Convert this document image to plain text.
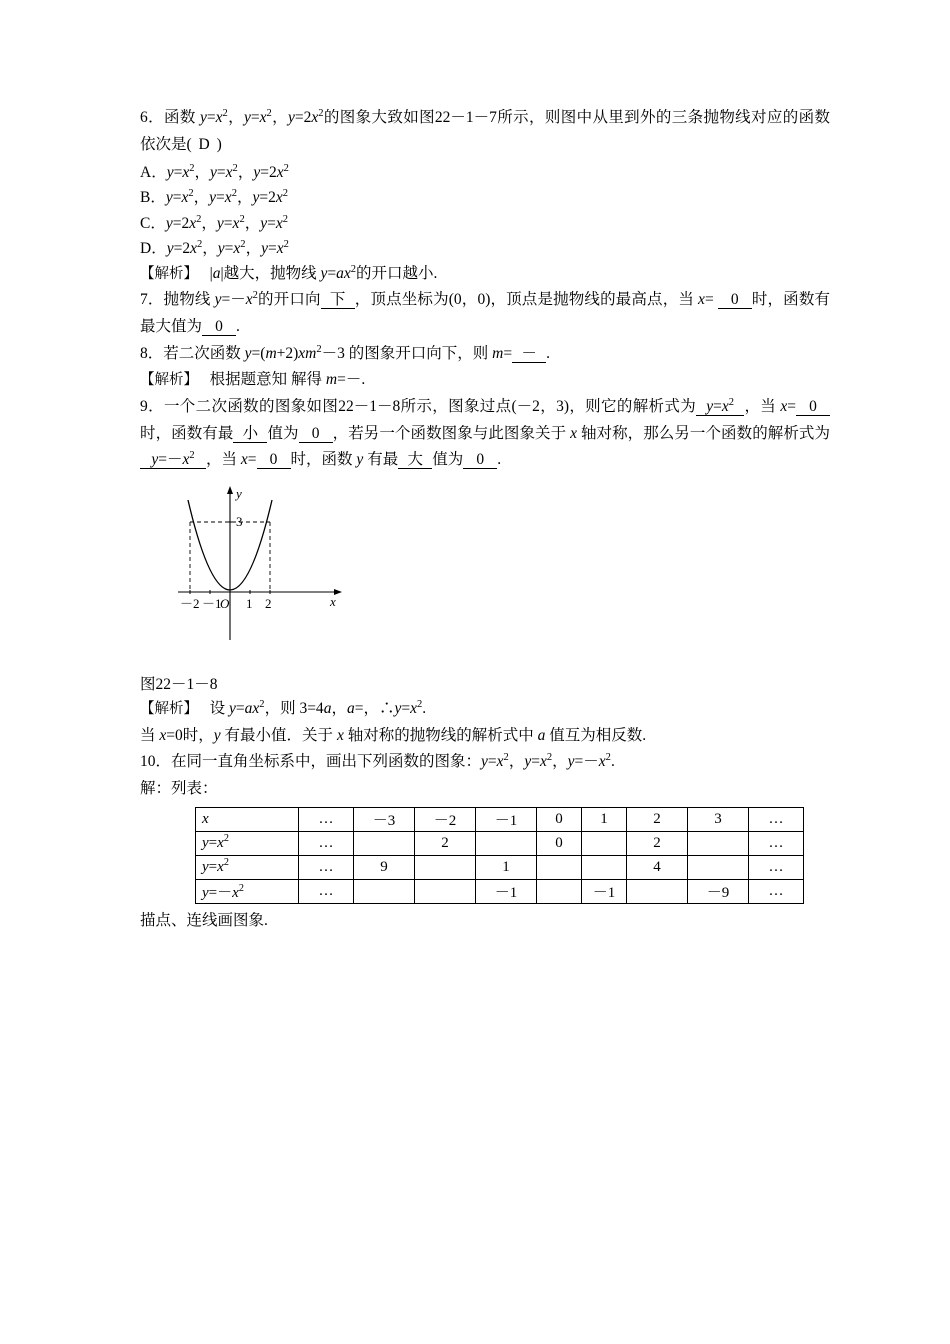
6．函数 $y=x^2$，$y=x^2$，$y=2x^2$的图象大致如图22－1－7所示，则图中从里到外的三条抛物线对应的函数依次是( D )
A．$y=x^2$，$y=x^2$，$y=2x^2$
B．$y=x^2$，$y=x^2$，$y=2x^2$
C．$y=2x^2$，$y=x^2$，$y=x^2$
D．$y=2x^2$，$y=x^2$，$y=x^2$
【解析】   |a|越大，抛物线 $y=ax^2$的开口越小.
7．抛物线 $y=-x^2$的开口向 下 ，顶点坐标为(0，0)，顶点是抛物线的最高点，当 x= 0 时，函数有最大值为 0 .
8．若二次函数 $y=(m+2)xm^2-3$ 的图象开口向下，则 m= － .
【解析】   根据题意知 解得 m=－.
9．一个二次函数的图象如图22－1－8所示，图象过点(－2，3)，则它的解析式为 $y=x^2$ ，当 x= 0时，函数有最 小 值为 0 ，若另一个函数图象与此图象关于 x 轴对称，那么另一个函数的解析式为$y=-x^2$ ，当 x= 0 时，函数 y 有最 大 值为 0 .
3
－2 －1 1 2
O
y
x
图22－1－8
【解析】   设 $y=ax^2$，则 3=4a，a=，$\therefore y=x^2$.
当 x=0时，y 有最小值．关于 x 轴对称的抛物线的解析式中 a 值互为相反数.
10．在同一直角坐标系中，画出下列函数的图象：$y=x^2$，$y=x^2$，$y=-x^2$.
解：列表：
x	…	－3	－2	－1	0	1	2	3	…
$y=x^2$	…		2		0		2		…
$y=x^2$	…	9		1			4		…
$y=-x^2$	…			－1		－1		－9	…
描点、连线画图象.
